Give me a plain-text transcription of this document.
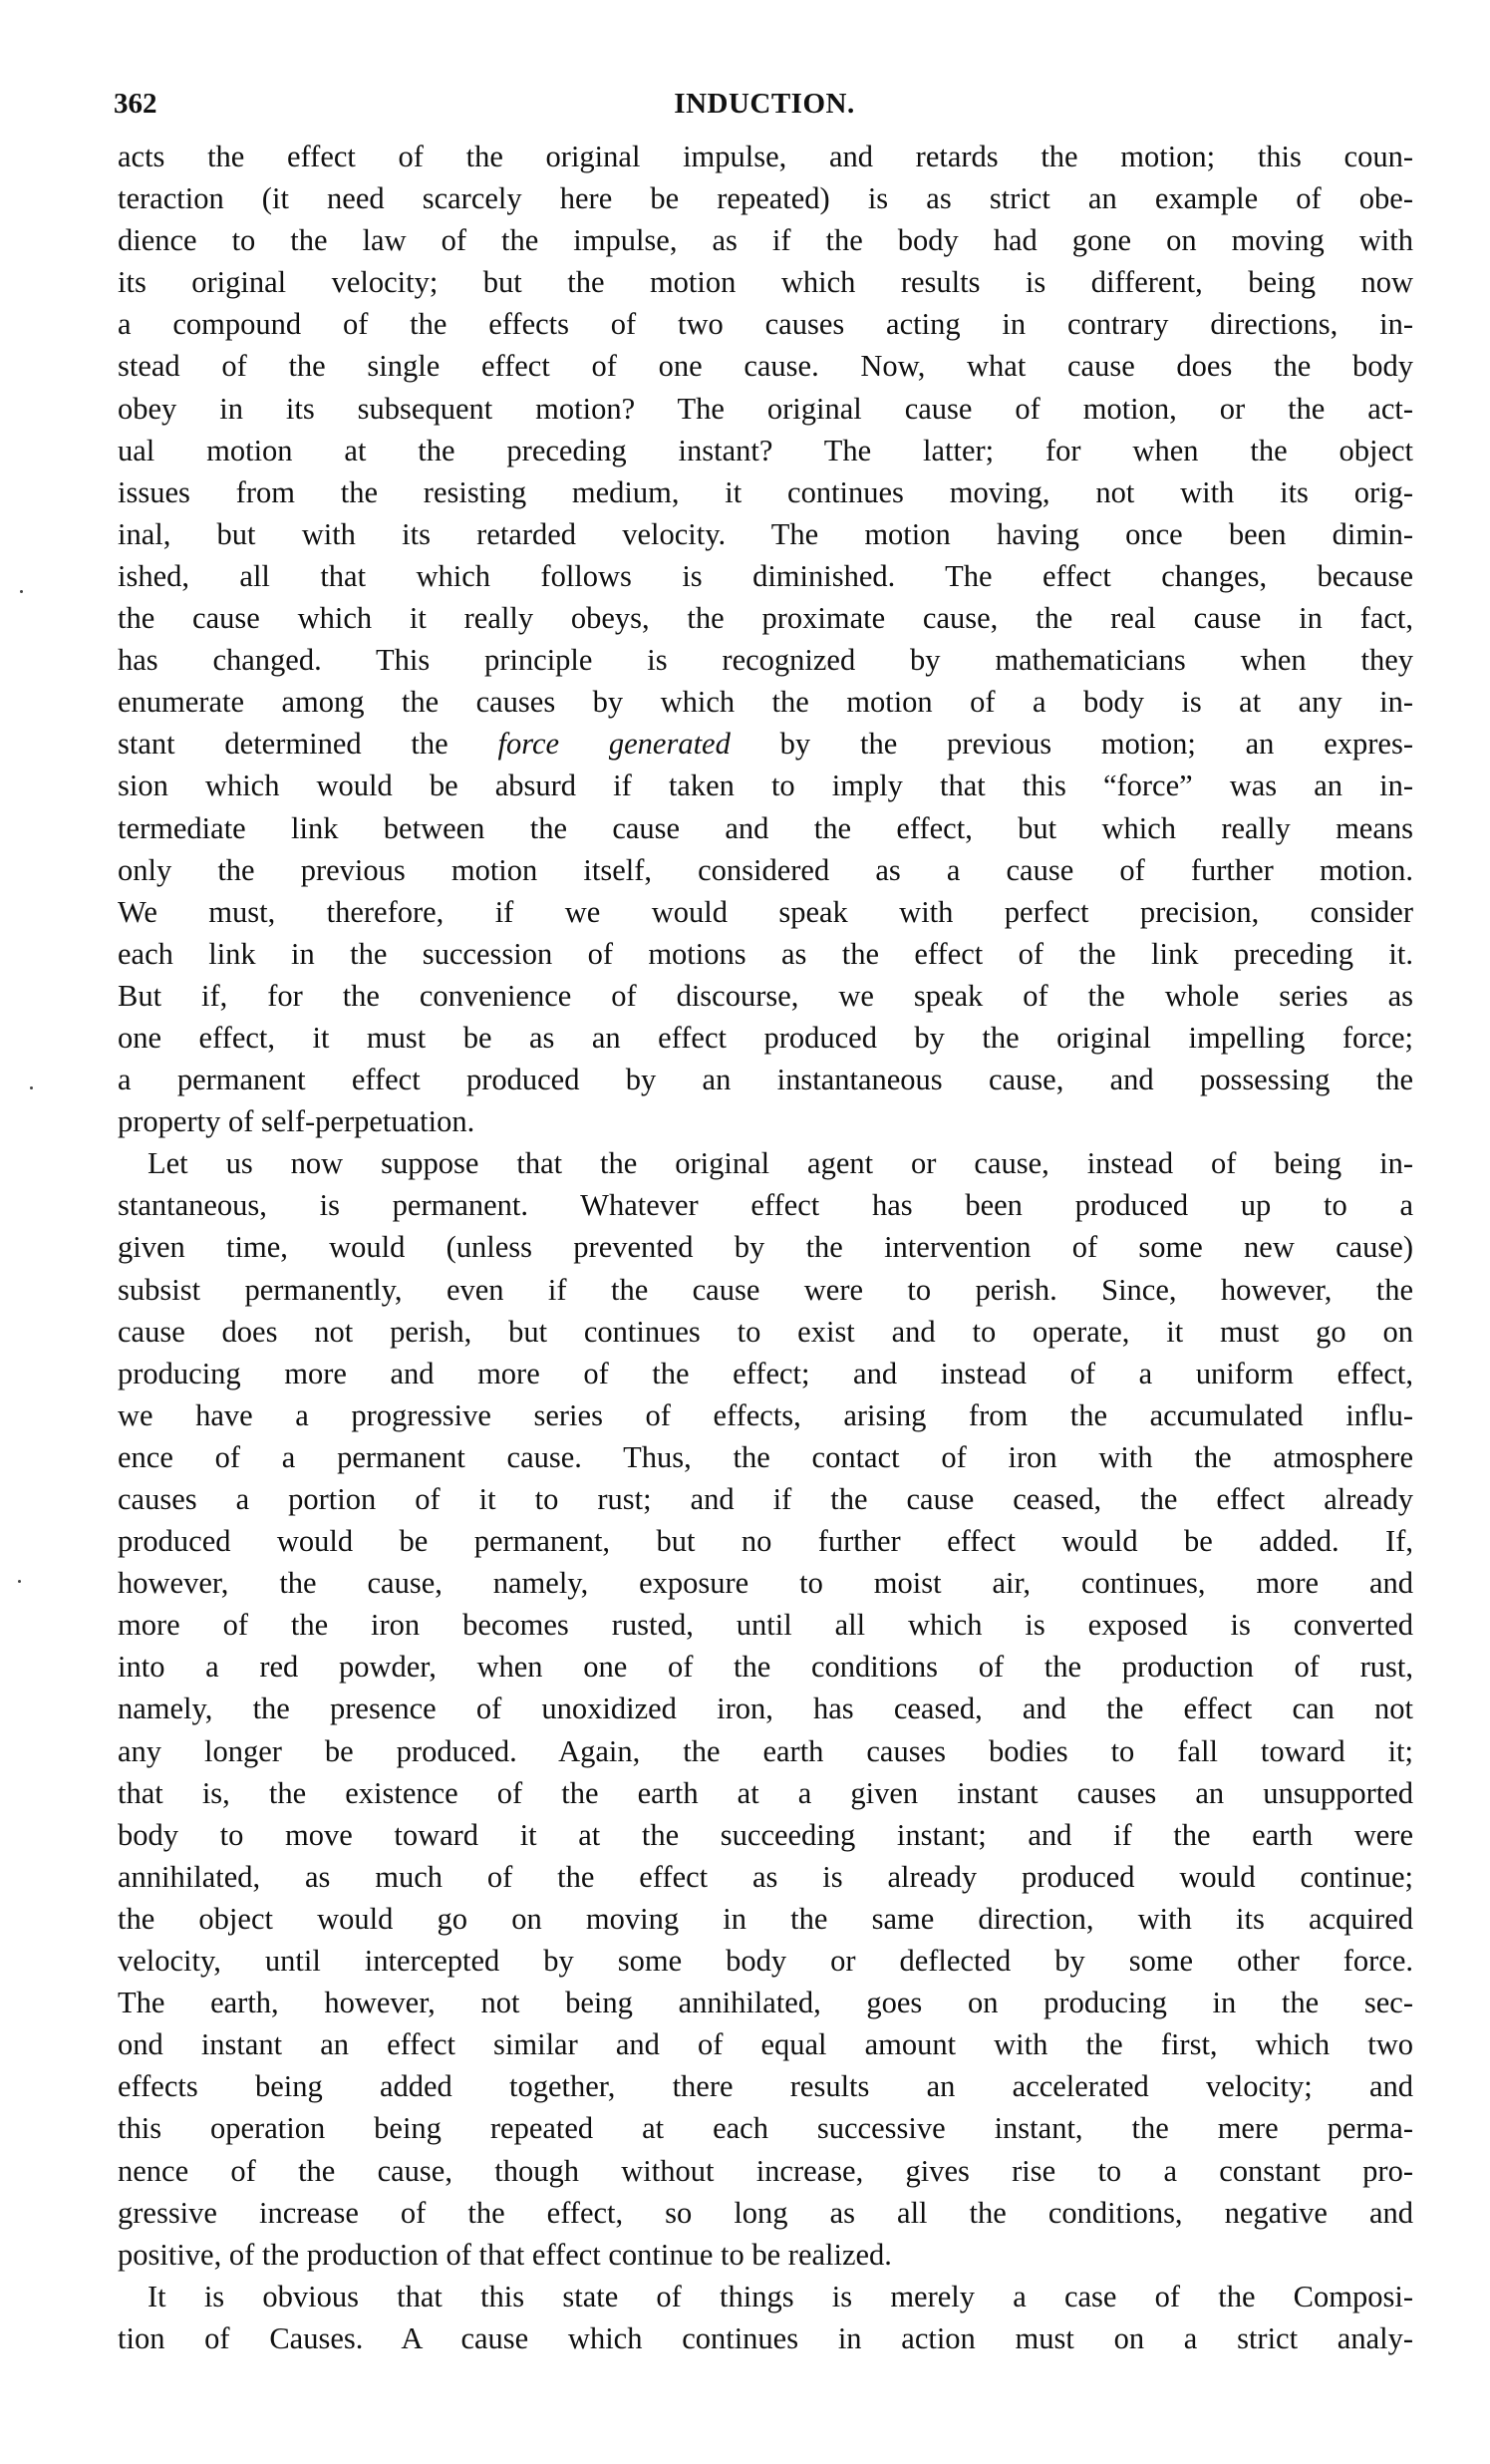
362	INDUCTION.
acts the effect of the original impulse, and retards the motion; this coun-
teraction (it need scarcely here be repeated) is as strict an example of obe-
dience to the law of the impulse, as if the body had gone on moving with
its original velocity; but the motion which results is different, being now
a compound of the effects of two causes acting in contrary directions, in-
stead of the single effect of one cause. Now, what cause does the body
obey in its subsequent motion? The original cause of motion, or the act-
ual motion at the preceding instant? The latter; for when the object
issues from the resisting medium, it continues moving, not with its orig-
inal, but with its retarded velocity. The motion having once been dimin-
ished, all that which follows is diminished. The effect changes, because
the cause which it really obeys, the proximate cause, the real cause in fact,
has changed. This principle is recognized by mathematicians when they
enumerate among the causes by which the motion of a body is at any in-
stant determined the force generated by the previous motion; an expres-
sion which would be absurd if taken to imply that this “force” was an in-
termediate link between the cause and the effect, but which really means
only the previous motion itself, considered as a cause of further motion.
We must, therefore, if we would speak with perfect precision, consider
each link in the succession of motions as the effect of the link preceding it.
But if, for the convenience of discourse, we speak of the whole series as
one effect, it must be as an effect produced by the original impelling force;
a permanent effect produced by an instantaneous cause, and possessing the
property of self-perpetuation.
Let us now suppose that the original agent or cause, instead of being in-
stantaneous, is permanent. Whatever effect has been produced up to a
given time, would (unless prevented by the intervention of some new cause)
subsist permanently, even if the cause were to perish. Since, however, the
cause does not perish, but continues to exist and to operate, it must go on
producing more and more of the effect; and instead of a uniform effect,
we have a progressive series of effects, arising from the accumulated influ-
ence of a permanent cause. Thus, the contact of iron with the atmosphere
causes a portion of it to rust; and if the cause ceased, the effect already
produced would be permanent, but no further effect would be added. If,
however, the cause, namely, exposure to moist air, continues, more and
more of the iron becomes rusted, until all which is exposed is converted
into a red powder, when one of the conditions of the production of rust,
namely, the presence of unoxidized iron, has ceased, and the effect can not
any longer be produced. Again, the earth causes bodies to fall toward it;
that is, the existence of the earth at a given instant causes an unsupported
body to move toward it at the succeeding instant; and if the earth were
annihilated, as much of the effect as is already produced would continue;
the object would go on moving in the same direction, with its acquired
velocity, until intercepted by some body or deflected by some other force.
The earth, however, not being annihilated, goes on producing in the sec-
ond instant an effect similar and of equal amount with the first, which two
effects being added together, there results an accelerated velocity; and
this operation being repeated at each successive instant, the mere perma-
nence of the cause, though without increase, gives rise to a constant pro-
gressive increase of the effect, so long as all the conditions, negative and
positive, of the production of that effect continue to be realized.
It is obvious that this state of things is merely a case of the Composi-
tion of Causes. A cause which continues in action must on a strict analy-
